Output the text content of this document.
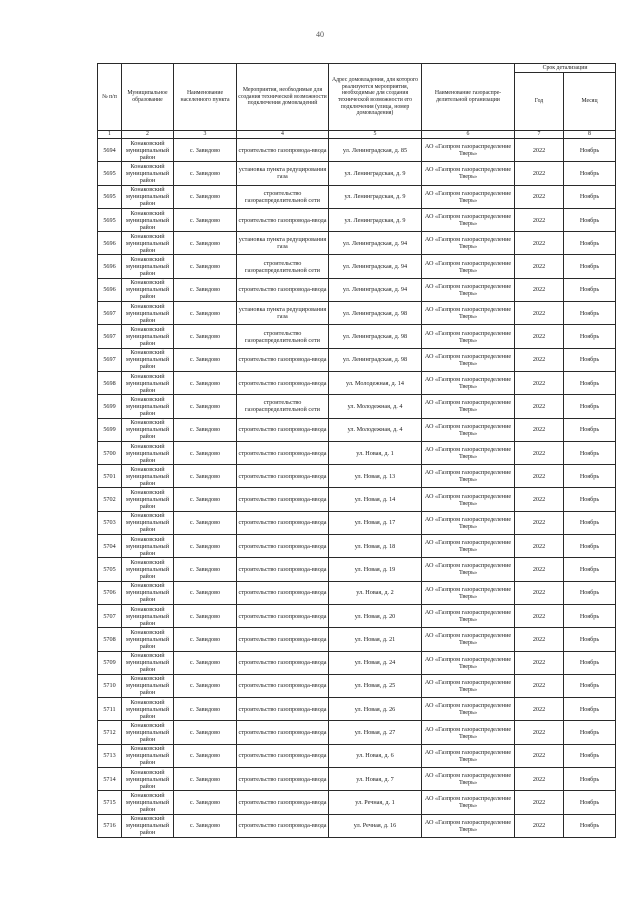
40
№ п/п	Муниципальное образование	Наименование населенного пункта	Мероприятия, необходимые для создания технической возможности подключения домовладений	Адрес домовладения, для которого реализуются мероприятия, необходимые для создания технической возможности его подключения (улица, номер домовладения)	Наименование газораспре-делительной организации	Срок детализации	
						Год	Месяц
1	2	3	4	5	6	7	8
5694	Конаковский муниципальный район	с. Завидово	строительство газопровода-ввода	ул. Ленинградская, д. 85	АО «Газпром газораспределение Тверь»	2022	Ноябрь
5695	Конаковский муниципальный район	с. Завидово	установка пункта редуцирования газа	ул. Ленинградская, д. 9	АО «Газпром газораспределение Тверь»	2022	Ноябрь
5695	Конаковский муниципальный район	с. Завидово	строительство газораспределительной сети	ул. Ленинградская, д. 9	АО «Газпром газораспределение Тверь»	2022	Ноябрь
5695	Конаковский муниципальный район	с. Завидово	строительство газопровода-ввода	ул. Ленинградская, д. 9	АО «Газпром газораспределение Тверь»	2022	Ноябрь
5696	Конаковский муниципальный район	с. Завидово	установка пункта редуцирования газа	ул. Ленинградская, д. 94	АО «Газпром газораспределение Тверь»	2022	Ноябрь
5696	Конаковский муниципальный район	с. Завидово	строительство газораспределительной сети	ул. Ленинградская, д. 94	АО «Газпром газораспределение Тверь»	2022	Ноябрь
5696	Конаковский муниципальный район	с. Завидово	строительство газопровода-ввода	ул. Ленинградская, д. 94	АО «Газпром газораспределение Тверь»	2022	Ноябрь
5697	Конаковский муниципальный район	с. Завидово	установка пункта редуцирования газа	ул. Ленинградская, д. 98	АО «Газпром газораспределение Тверь»	2022	Ноябрь
5697	Конаковский муниципальный район	с. Завидово	строительство газораспределительной сети	ул. Ленинградская, д. 98	АО «Газпром газораспределение Тверь»	2022	Ноябрь
5697	Конаковский муниципальный район	с. Завидово	строительство газопровода-ввода	ул. Ленинградская, д. 98	АО «Газпром газораспределение Тверь»	2022	Ноябрь
5698	Конаковский муниципальный район	с. Завидово	строительство газопровода-ввода	ул. Молодежная, д. 14	АО «Газпром газораспределение Тверь»	2022	Ноябрь
5699	Конаковский муниципальный район	с. Завидово	строительство газораспределительной сети	ул. Молодежная, д. 4	АО «Газпром газораспределение Тверь»	2022	Ноябрь
5699	Конаковский муниципальный район	с. Завидово	строительство газопровода-ввода	ул. Молодежная, д. 4	АО «Газпром газораспределение Тверь»	2022	Ноябрь
5700	Конаковский муниципальный район	с. Завидово	строительство газопровода-ввода	ул. Новая, д. 1	АО «Газпром газораспределение Тверь»	2022	Ноябрь
5701	Конаковский муниципальный район	с. Завидово	строительство газопровода-ввода	ул. Новая, д. 13	АО «Газпром газораспределение Тверь»	2022	Ноябрь
5702	Конаковский муниципальный район	с. Завидово	строительство газопровода-ввода	ул. Новая, д. 14	АО «Газпром газораспределение Тверь»	2022	Ноябрь
5703	Конаковский муниципальный район	с. Завидово	строительство газопровода-ввода	ул. Новая, д. 17	АО «Газпром газораспределение Тверь»	2022	Ноябрь
5704	Конаковский муниципальный район	с. Завидово	строительство газопровода-ввода	ул. Новая, д. 18	АО «Газпром газораспределение Тверь»	2022	Ноябрь
5705	Конаковский муниципальный район	с. Завидово	строительство газопровода-ввода	ул. Новая, д. 19	АО «Газпром газораспределение Тверь»	2022	Ноябрь
5706	Конаковский муниципальный район	с. Завидово	строительство газопровода-ввода	ул. Новая, д. 2	АО «Газпром газораспределение Тверь»	2022	Ноябрь
5707	Конаковский муниципальный район	с. Завидово	строительство газопровода-ввода	ул. Новая, д. 20	АО «Газпром газораспределение Тверь»	2022	Ноябрь
5708	Конаковский муниципальный район	с. Завидово	строительство газопровода-ввода	ул. Новая, д. 21	АО «Газпром газораспределение Тверь»	2022	Ноябрь
5709	Конаковский муниципальный район	с. Завидово	строительство газопровода-ввода	ул. Новая, д. 24	АО «Газпром газораспределение Тверь»	2022	Ноябрь
5710	Конаковский муниципальный район	с. Завидово	строительство газопровода-ввода	ул. Новая, д. 25	АО «Газпром газораспределение Тверь»	2022	Ноябрь
5711	Конаковский муниципальный район	с. Завидово	строительство газопровода-ввода	ул. Новая, д. 26	АО «Газпром газораспределение Тверь»	2022	Ноябрь
5712	Конаковский муниципальный район	с. Завидово	строительство газопровода-ввода	ул. Новая, д. 27	АО «Газпром газораспределение Тверь»	2022	Ноябрь
5713	Конаковский муниципальный район	с. Завидово	строительство газопровода-ввода	ул. Новая, д. 6	АО «Газпром газораспределение Тверь»	2022	Ноябрь
5714	Конаковский муниципальный район	с. Завидово	строительство газопровода-ввода	ул. Новая, д. 7	АО «Газпром газораспределение Тверь»	2022	Ноябрь
5715	Конаковский муниципальный район	с. Завидово	строительство газопровода-ввода	ул. Речная, д. 1	АО «Газпром газораспределение Тверь»	2022	Ноябрь
5716	Конаковский муниципальный район	с. Завидово	строительство газопровода-ввода	ул. Речная, д. 16	АО «Газпром газораспределение Тверь»	2022	Ноябрь
